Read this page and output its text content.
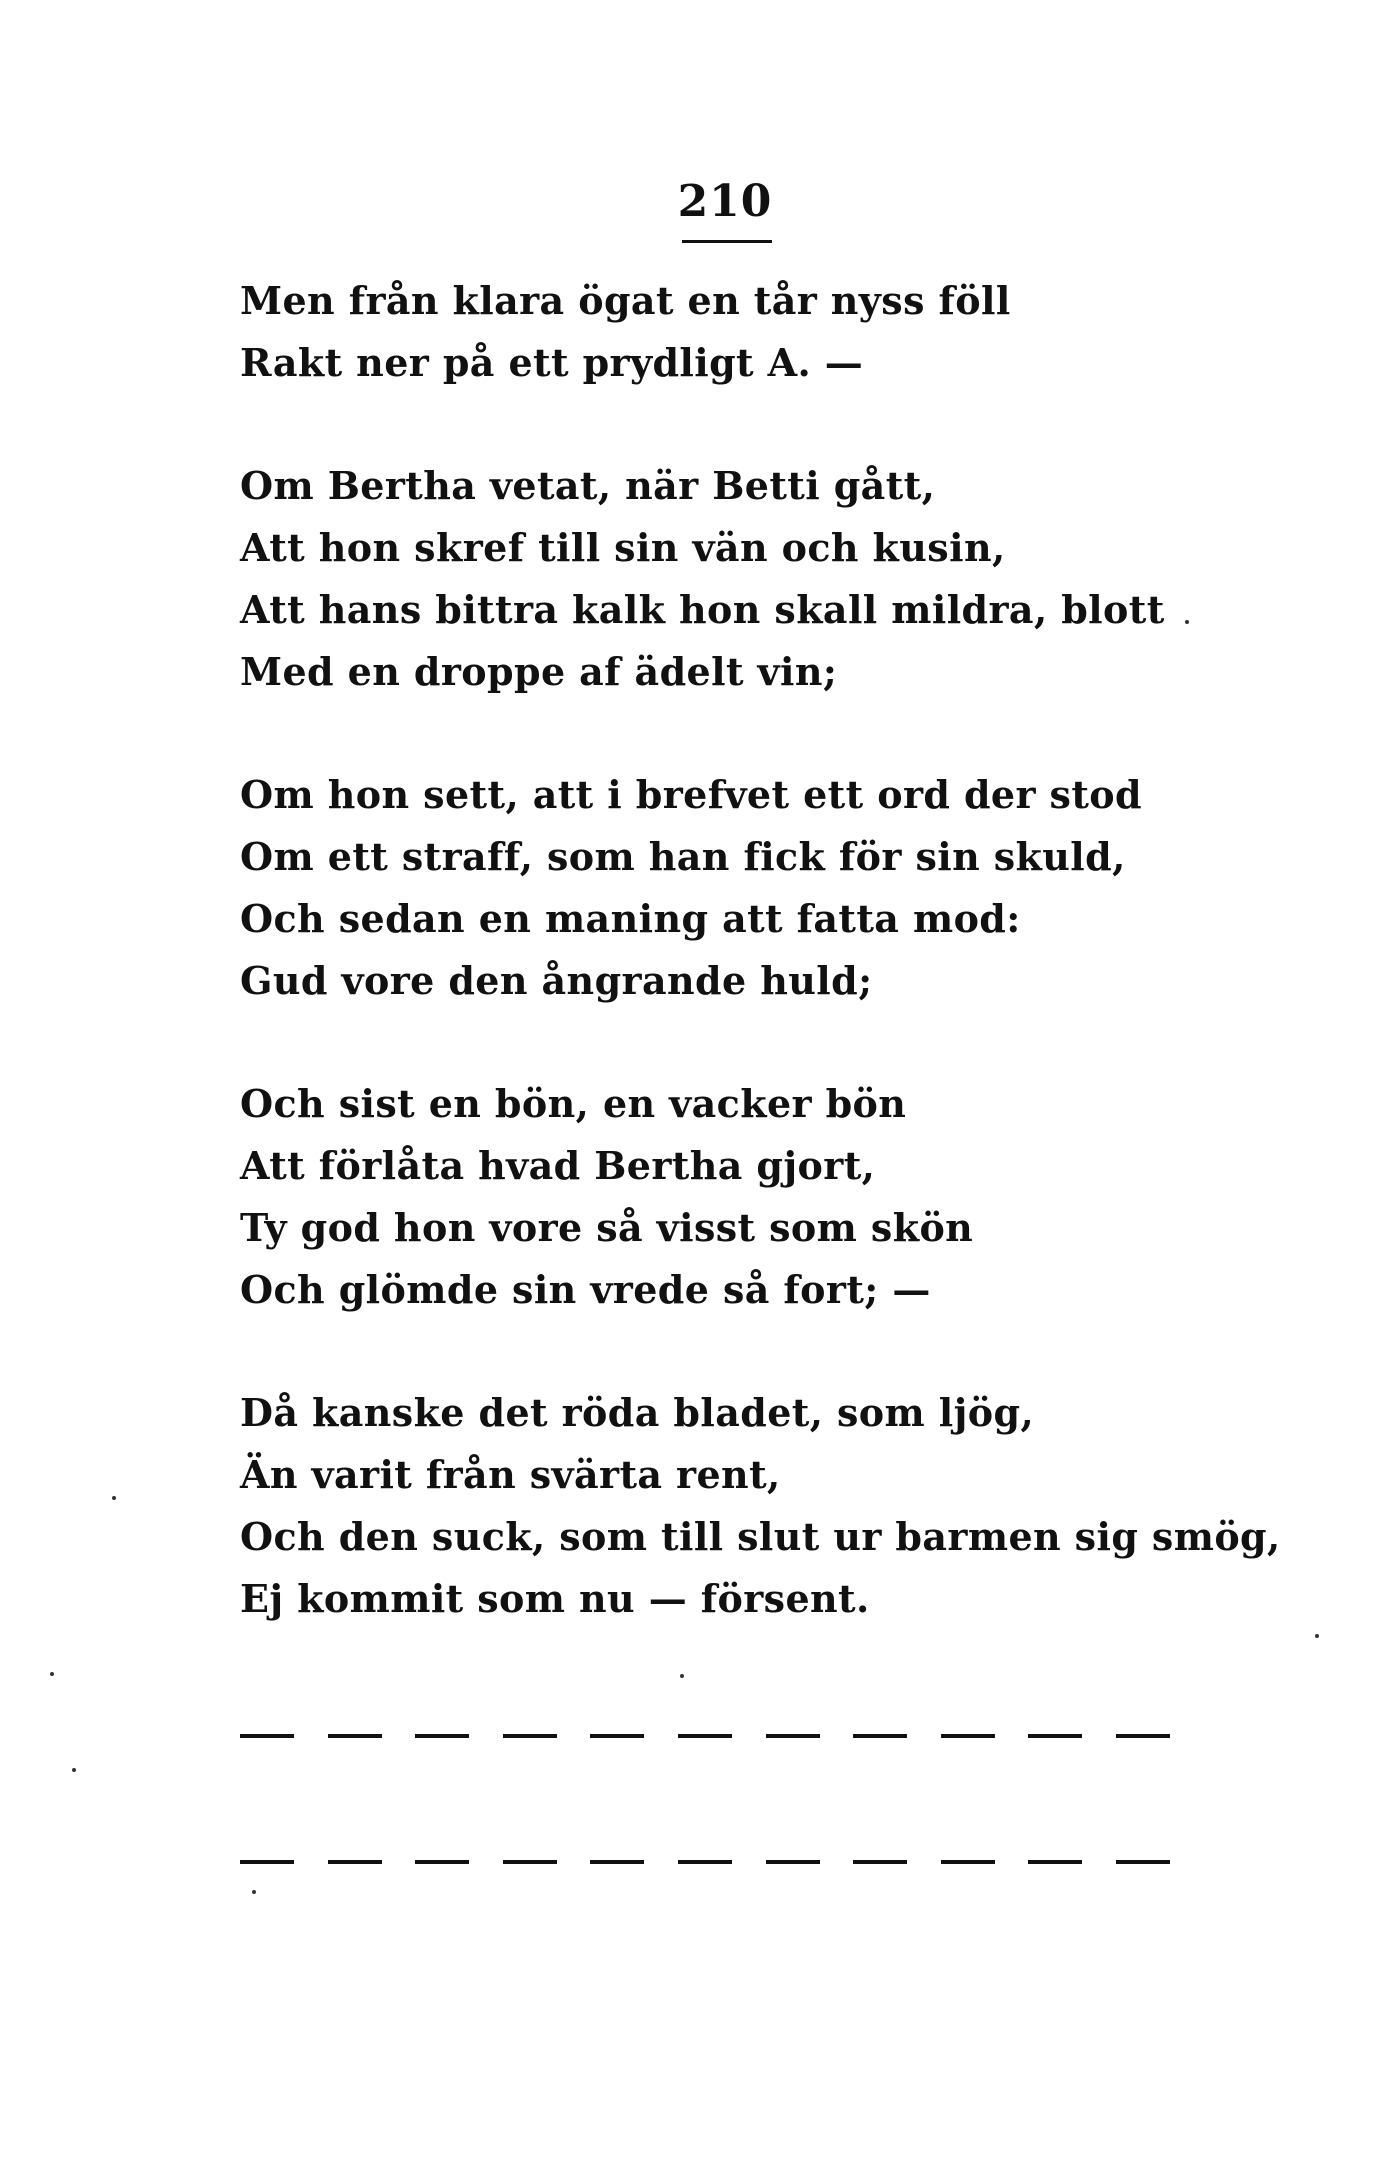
210
Men från klara ögat en tår nyss föll
Rakt ner på ett prydligt A. —
Om Bertha vetat, när Betti gått,
Att hon skref till sin vän och kusin,
Att hans bittra kalk hon skall mildra, blott
Med en droppe af ädelt vin;
Om hon sett, att i brefvet ett ord der stod
Om ett straff, som han fick för sin skuld,
Och sedan en maning att fatta mod:
Gud vore den ångrande huld;
Och sist en bön, en vacker bön
Att förlåta hvad Bertha gjort,
Ty god hon vore så visst som skön
Och glömde sin vrede så fort; —
Då kanske det röda bladet, som ljög,
Än varit från svärta rent,
Och den suck, som till slut ur barmen sig smög,
Ej kommit som nu — försent.
